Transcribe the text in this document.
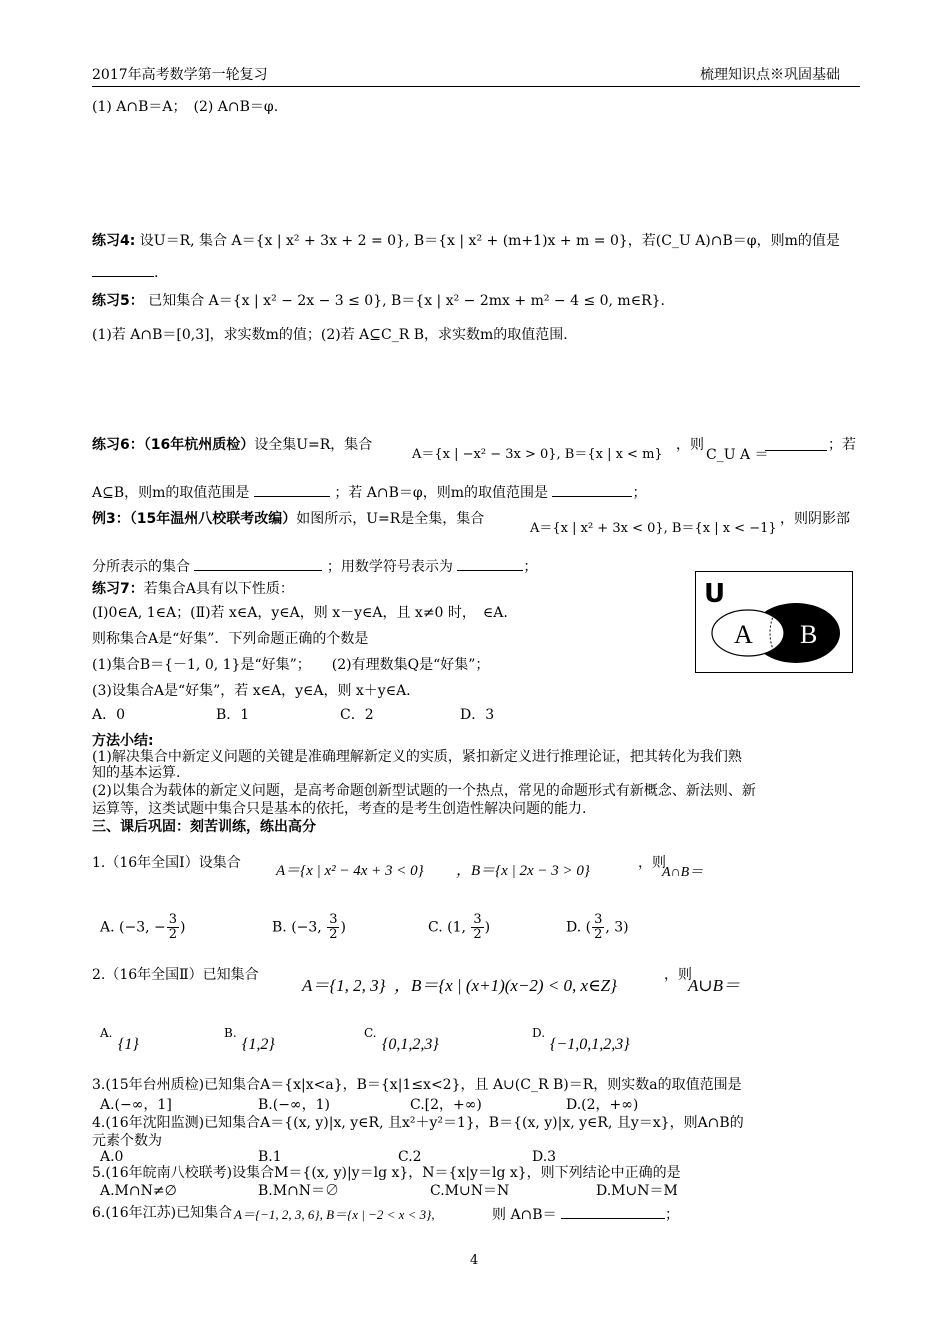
2017年高考数学第一轮复习	梳理知识点※巩固基础
(1) A∩B＝A；　(2) A∩B＝φ.
练习4: 设U＝R, 集合 A＝{x | x² + 3x + 2 = 0}, B＝{x | x² + (m+1)x + m = 0}，若(C_U A)∩B＝φ，则m的值是
.
练习5： 已知集合 A＝{x | x² − 2x − 3 ≤ 0}, B＝{x | x² − 2mx + m² − 4 ≤ 0, m∈R}.
(1)若 A∩B＝[0,3]，求实数m的值；(2)若 A⊆C_R B，求实数m的取值范围.
练习6：（16年杭州质检）设全集U=R，集合
A＝{x | −x² − 3x > 0}, B＝{x | x < m}
，则
C_U A ＝
；若
A⊆B，则m的取值范围是	；若 A∩B＝φ，则m的取值范围是	；
例3：（15年温州八校联考改编）如图所示，U=R是全集，集合
A＝{x | x² + 3x < 0}, B＝{x | x < −1}
，则阴影部
分所表示的集合	；用数学符号表示为	；
U
A B
练习7：若集合A具有以下性质：
(Ⅰ)0∈A, 1∈A；(Ⅱ)若 x∈A，y∈A，则 x－y∈A，且 x≠0 时，　∈A.
则称集合A是“好集”．下列命题正确的个数是
(1)集合B＝{－1, 0, 1}是“好集”；　　(2)有理数集Q是“好集”；
(3)设集合A是“好集”，若 x∈A，y∈A，则 x＋y∈A.
A．0	B．1	C．2	D．3
方法小结:
(1)解决集合中新定义问题的关键是准确理解新定义的实质，紧扣新定义进行推理论证，把其转化为我们熟
知的基本运算.
(2)以集合为载体的新定义问题，是高考命题创新型试题的一个热点，常见的命题形式有新概念、新法则、新
运算等，这类试题中集合只是基本的依托，考查的是考生创造性解决问题的能力.
三、课后巩固：刻苦训练，练出高分
1.（16年全国Ⅰ）设集合 A＝{x | x² − 4x + 3 < 0} ，B＝{x | 2x − 3 > 0}	，则
A∩B＝
A. (−3, − $\frac{3}{2}$ )	B. (−3, $\frac{3}{2}$ )	C. (1, $\frac{3}{2}$ )	D. ( $\frac{3}{2}$ , 3)
2.（16年全国Ⅱ）已知集合
A＝{1, 2, 3} ，B＝{x | (x+1)(x−2) < 0, x∈Z}
，则
A∪B＝
A.
{1}
B.
{1,2}
C.
{0,1,2,3}
D.
{−1,0,1,2,3}
3.(15年台州质检)已知集合A＝{x|x<a}，B＝{x|1≤x<2}，且 A∪(C_R B)＝R，则实数a的取值范围是
A.(−∞，1]	B.(−∞，1)	C.[2，+∞)	D.(2，+∞)
4.(16年沈阳监测)已知集合A＝{(x, y)|x, y∈R, 且x²＋y²＝1}，B＝{(x, y)|x, y∈R, 且y＝x}，则A∩B的
元素个数为
A.0	B.1	C.2	D.3
5.(16年皖南八校联考)设集合M＝{(x, y)|y＝lg x}，N＝{x|y＝lg x}，则下列结论中正确的是
A.M∩N≠∅	B.M∩N＝∅	C.M∪N＝N	D.M∪N＝M
6.(16年江苏)已知集合 A＝{−1, 2, 3, 6}, B＝{x | −2 < x < 3},	则 A∩B＝	；
4
